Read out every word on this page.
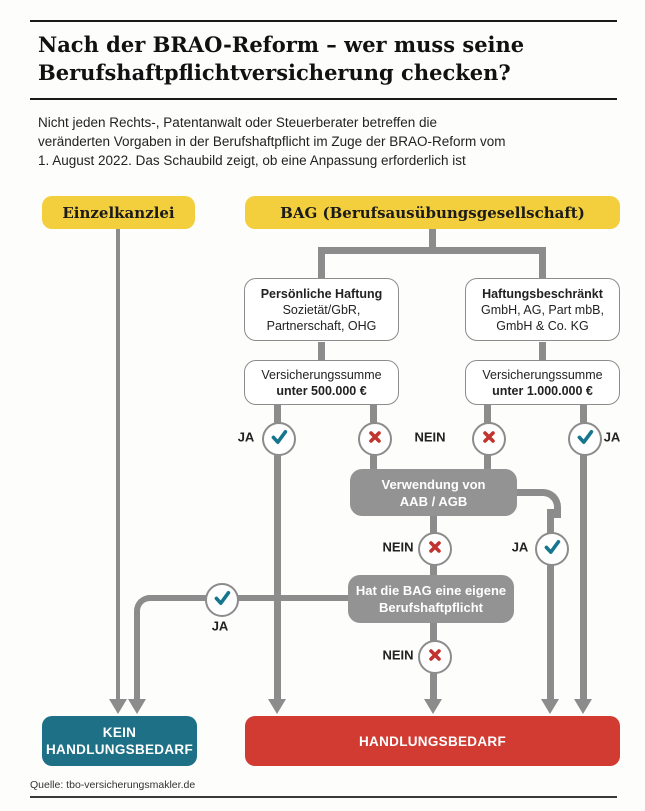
Nach der BRAO-Reform – wer muss seine
Berufshaftpflichtversicherung checken?
Nicht jeden Rechts-, Patentanwalt oder Steuerberater betreffen die
veränderten Vorgaben in der Berufshaftpflicht im Zuge der BRAO-Reform vom
1. August 2022. Das Schaubild zeigt, ob eine Anpassung erforderlich ist
Einzelkanzlei	BAG (Berufsausübungsgesellschaft)
Persönliche Haftung
Sozietät/GbR,
Partnerschaft, OHG
Haftungsbeschränkt
GmbH, AG, Part mbB,
GmbH & Co. KG
Versicherungssumme
unter 500.000 €
Versicherungssumme
unter 1.000.000 €
Verwendung von
AAB / AGB
Hat die BAG eine eigene
Berufshaftpflicht
JA	NEIN	JA
NEIN	JA
JA
NEIN
KEIN
HANDLUNGSBEDARF
HANDLUNGSBEDARF
Quelle: tbo-versicherungsmakler.de
